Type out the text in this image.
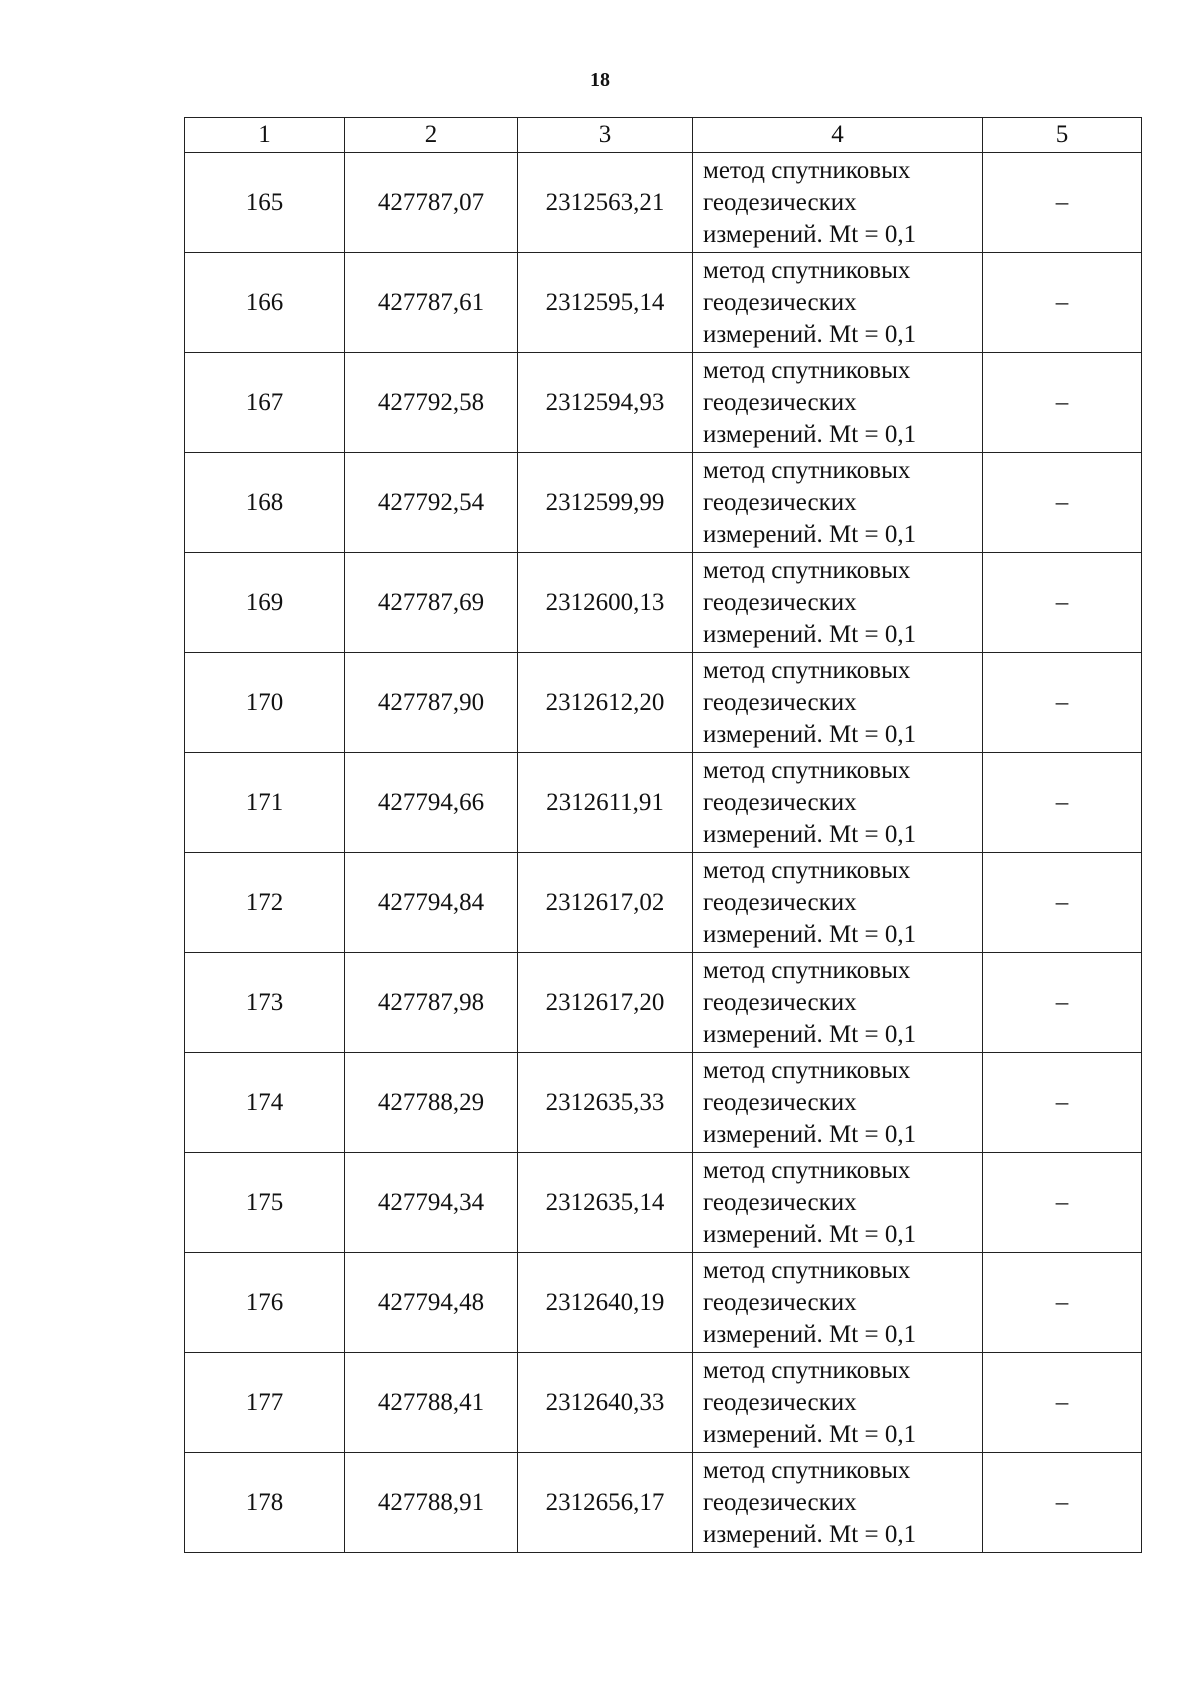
18
1	2	3	4	5
165	427787,07	2312563,21	метод спутниковых
геодезических
измерений. Mt = 0,1	–
166	427787,61	2312595,14	метод спутниковых
геодезических
измерений. Mt = 0,1	–
167	427792,58	2312594,93	метод спутниковых
геодезических
измерений. Mt = 0,1	–
168	427792,54	2312599,99	метод спутниковых
геодезических
измерений. Mt = 0,1	–
169	427787,69	2312600,13	метод спутниковых
геодезических
измерений. Mt = 0,1	–
170	427787,90	2312612,20	метод спутниковых
геодезических
измерений. Mt = 0,1	–
171	427794,66	2312611,91	метод спутниковых
геодезических
измерений. Mt = 0,1	–
172	427794,84	2312617,02	метод спутниковых
геодезических
измерений. Mt = 0,1	–
173	427787,98	2312617,20	метод спутниковых
геодезических
измерений. Mt = 0,1	–
174	427788,29	2312635,33	метод спутниковых
геодезических
измерений. Mt = 0,1	–
175	427794,34	2312635,14	метод спутниковых
геодезических
измерений. Mt = 0,1	–
176	427794,48	2312640,19	метод спутниковых
геодезических
измерений. Mt = 0,1	–
177	427788,41	2312640,33	метод спутниковых
геодезических
измерений. Mt = 0,1	–
178	427788,91	2312656,17	метод спутниковых
геодезических
измерений. Mt = 0,1	–
